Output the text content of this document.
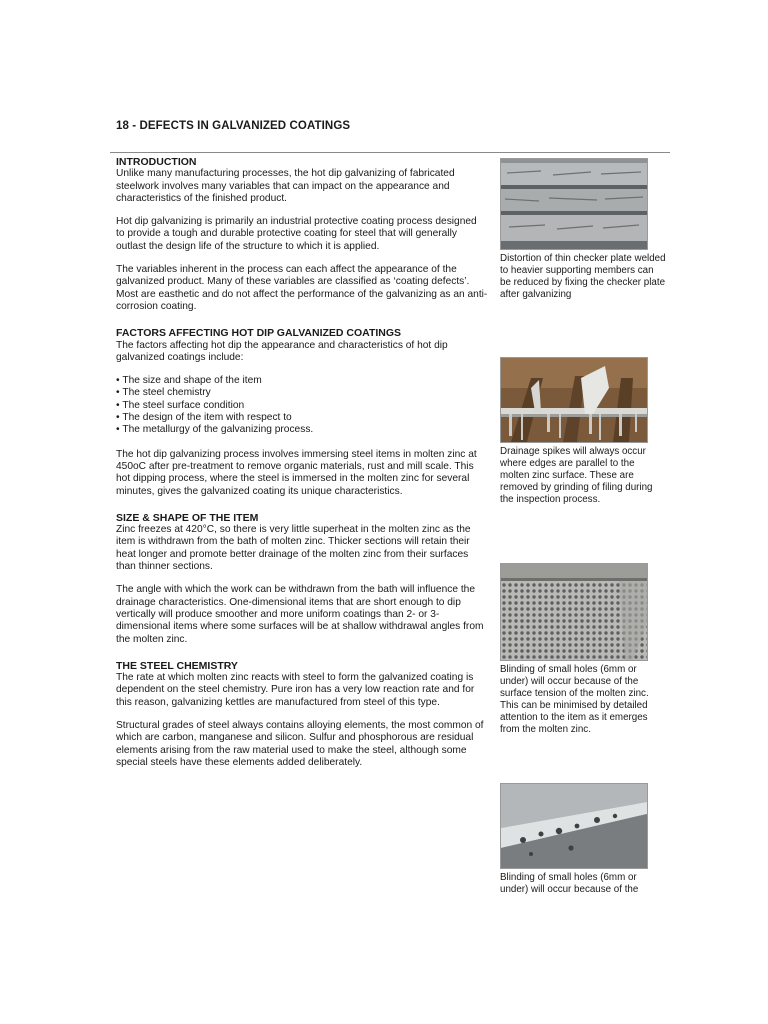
18 - DEFECTS IN GALVANIZED COATINGS

INTRODUCTION

Unlike many manufacturing processes, the hot dip galvanizing of fabricated steelwork involves many variables that can impact on the appearance and characteristics of the finished product.

Hot dip galvanizing is primarily an industrial protective coating process designed to provide a tough and durable protective coating for steel that will generally outlast the design life of the structure to which it is applied.

The variables inherent in the process can each affect the appearance of the galvanized product. Many of these variables are classified as ‘coating defects’. Most are easthetic and do not affect the performance of the galvanizing as an anti-corrosion coating.

FACTORS AFFECTING HOT DIP GALVANIZED COATINGS

The factors affecting hot dip the appearance and characteristics of hot dip galvanized coatings include:

• The size and shape of the item
• The steel chemistry
• The steel surface condition
• The design of the item with respect to
• The metallurgy of the galvanizing process.

The hot dip galvanizing process involves immersing steel items in molten zinc at 450oC after pre-treatment to remove organic materials, rust and mill scale. This hot dipping process, where the steel is immersed in the molten zinc for several minutes, gives the galvanized coating its unique characteristics.

SIZE & SHAPE OF THE ITEM

Zinc freezes at 420°C, so there is very little superheat in the molten zinc as the item is withdrawn from the bath of molten zinc. Thicker sections will retain their heat longer and promote better drainage of the molten zinc from their surfaces than thinner sections.

The angle with which the work can be withdrawn from the bath will influence the drainage characteristics. One-dimensional items that are short enough to dip vertically will produce smoother and more uniform coatings than 2- or 3-dimensional items where some surfaces will be at shallow withdrawal angles from the molten zinc.

THE STEEL CHEMISTRY

The rate at which molten zinc reacts with steel to form the galvanized coating is dependent on the steel chemistry. Pure iron has a very low reaction rate and for this reason, galvanizing kettles are manufactured from steel of this type.

Structural grades of steel always contains alloying elements, the most common of which are carbon, manganese and silicon. Sulfur and phosphorous are residual elements arising from the raw material used to make the steel, although some special steels have these elements added deliberately.

Distortion of thin checker plate welded to heavier supporting members can be reduced by fixing the checker plate after galvanizing

Drainage spikes will always occur where edges are parallel to the molten zinc surface. These are removed by grinding of filing during the inspection process.

Blinding of small holes (6mm or under) will occur because of the surface tension of the molten zinc. This can be minimised by detailed attention to the item as it emerges from the molten zinc.

Blinding of small holes (6mm or under) will occur because of the
